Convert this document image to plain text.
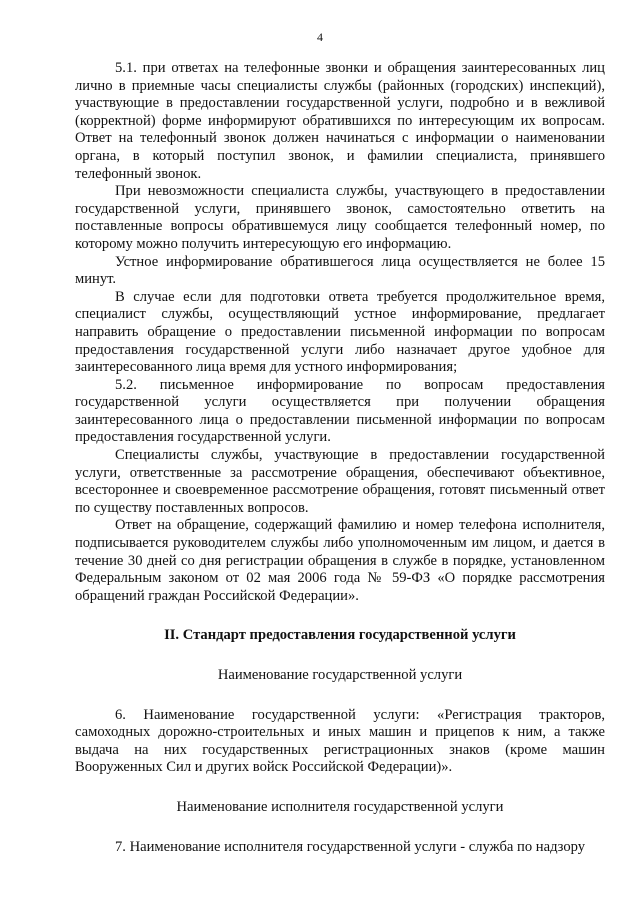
4

5.1. при ответах на телефонные звонки и обращения заинтересованных лиц лично в приемные часы специалисты службы (районных (городских) инспекций), участвующие в предоставлении государственной услуги, подробно и в вежливой (корректной) форме информируют обратившихся по интересующим их вопросам. Ответ на телефонный звонок должен начинаться с информации о наименовании органа, в который поступил звонок, и фамилии специалиста, принявшего телефонный звонок.

При невозможности специалиста службы, участвующего в предоставлении государственной услуги, принявшего звонок, самостоятельно ответить на поставленные вопросы обратившемуся лицу сообщается телефонный номер, по которому можно получить интересующую его информацию.

Устное информирование обратившегося лица осуществляется не более 15 минут.

В случае если для подготовки ответа требуется продолжительное время, специалист службы, осуществляющий устное информирование, предлагает направить обращение о предоставлении письменной информации по вопросам предоставления государственной услуги либо назначает другое удобное для заинтересованного лица время для устного информирования;

5.2. письменное информирование по вопросам предоставления государственной услуги осуществляется при получении обращения заинтересованного лица о предоставлении письменной информации по вопросам предоставления государственной услуги.

Специалисты службы, участвующие в предоставлении государственной услуги, ответственные за рассмотрение обращения, обеспечивают объективное, всестороннее и своевременное рассмотрение обращения, готовят письменный ответ по существу поставленных вопросов.

Ответ на обращение, содержащий фамилию и номер телефона исполнителя, подписывается руководителем службы либо уполномоченным им лицом, и дается в течение 30 дней со дня регистрации обращения в службе в порядке, установленном Федеральным законом от 02 мая 2006 года № 59-ФЗ «О порядке рассмотрения обращений граждан Российской Федерации».

II. Стандарт предоставления государственной услуги

Наименование государственной услуги

6. Наименование государственной услуги: «Регистрация тракторов, самоходных дорожно-строительных и иных машин и прицепов к ним, а также выдача на них государственных регистрационных знаков (кроме машин Вооруженных Сил и других войск Российской Федерации)».

Наименование исполнителя государственной услуги

7. Наименование исполнителя государственной услуги - служба по надзору
